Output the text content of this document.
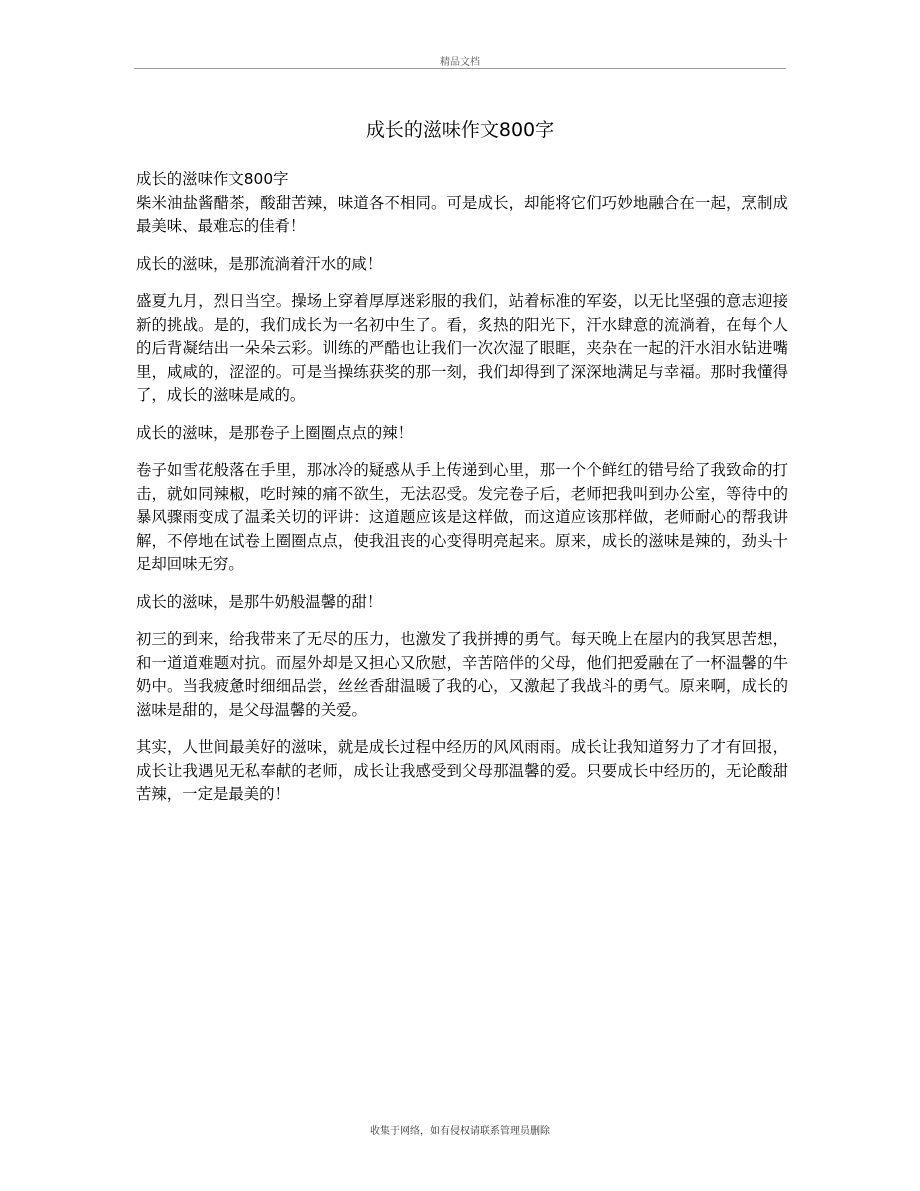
精品文档
成长的滋味作文800字

成长的滋味作文800字

柴米油盐酱醋茶，酸甜苦辣，味道各不相同。可是成长，却能将它们巧妙地融合在一起，烹制成最美味、最难忘的佳肴！

成长的滋味，是那流淌着汗水的咸！

盛夏九月，烈日当空。操场上穿着厚厚迷彩服的我们，站着标准的军姿，以无比坚强的意志迎接新的挑战。是的，我们成长为一名初中生了。看，炙热的阳光下，汗水肆意的流淌着，在每个人的后背凝结出一朵朵云彩。训练的严酷也让我们一次次湿了眼眶，夹杂在一起的汗水泪水钻进嘴里，咸咸的，涩涩的。可是当操练获奖的那一刻，我们却得到了深深地满足与幸福。那时我懂得了，成长的滋味是咸的。

成长的滋味，是那卷子上圈圈点点的辣！

卷子如雪花般落在手里，那冰冷的疑惑从手上传递到心里，那一个个鲜红的错号给了我致命的打击，就如同辣椒，吃时辣的痛不欲生，无法忍受。发完卷子后，老师把我叫到办公室，等待中的暴风骤雨变成了温柔关切的评讲：这道题应该是这样做，而这道应该那样做，老师耐心的帮我讲解，不停地在试卷上圈圈点点，使我沮丧的心变得明亮起来。原来，成长的滋味是辣的，劲头十足却回味无穷。

成长的滋味，是那牛奶般温馨的甜！

初三的到来，给我带来了无尽的压力，也激发了我拼搏的勇气。每天晚上在屋内的我冥思苦想，和一道道难题对抗。而屋外却是又担心又欣慰，辛苦陪伴的父母，他们把爱融在了一杯温馨的牛奶中。当我疲惫时细细品尝，丝丝香甜温暖了我的心，又激起了我战斗的勇气。原来啊，成长的滋味是甜的，是父母温馨的关爱。

其实，人世间最美好的滋味，就是成长过程中经历的风风雨雨。成长让我知道努力了才有回报，成长让我遇见无私奉献的老师，成长让我感受到父母那温馨的爱。只要成长中经历的，无论酸甜苦辣，一定是最美的！

收集于网络，如有侵权请联系管理员删除
